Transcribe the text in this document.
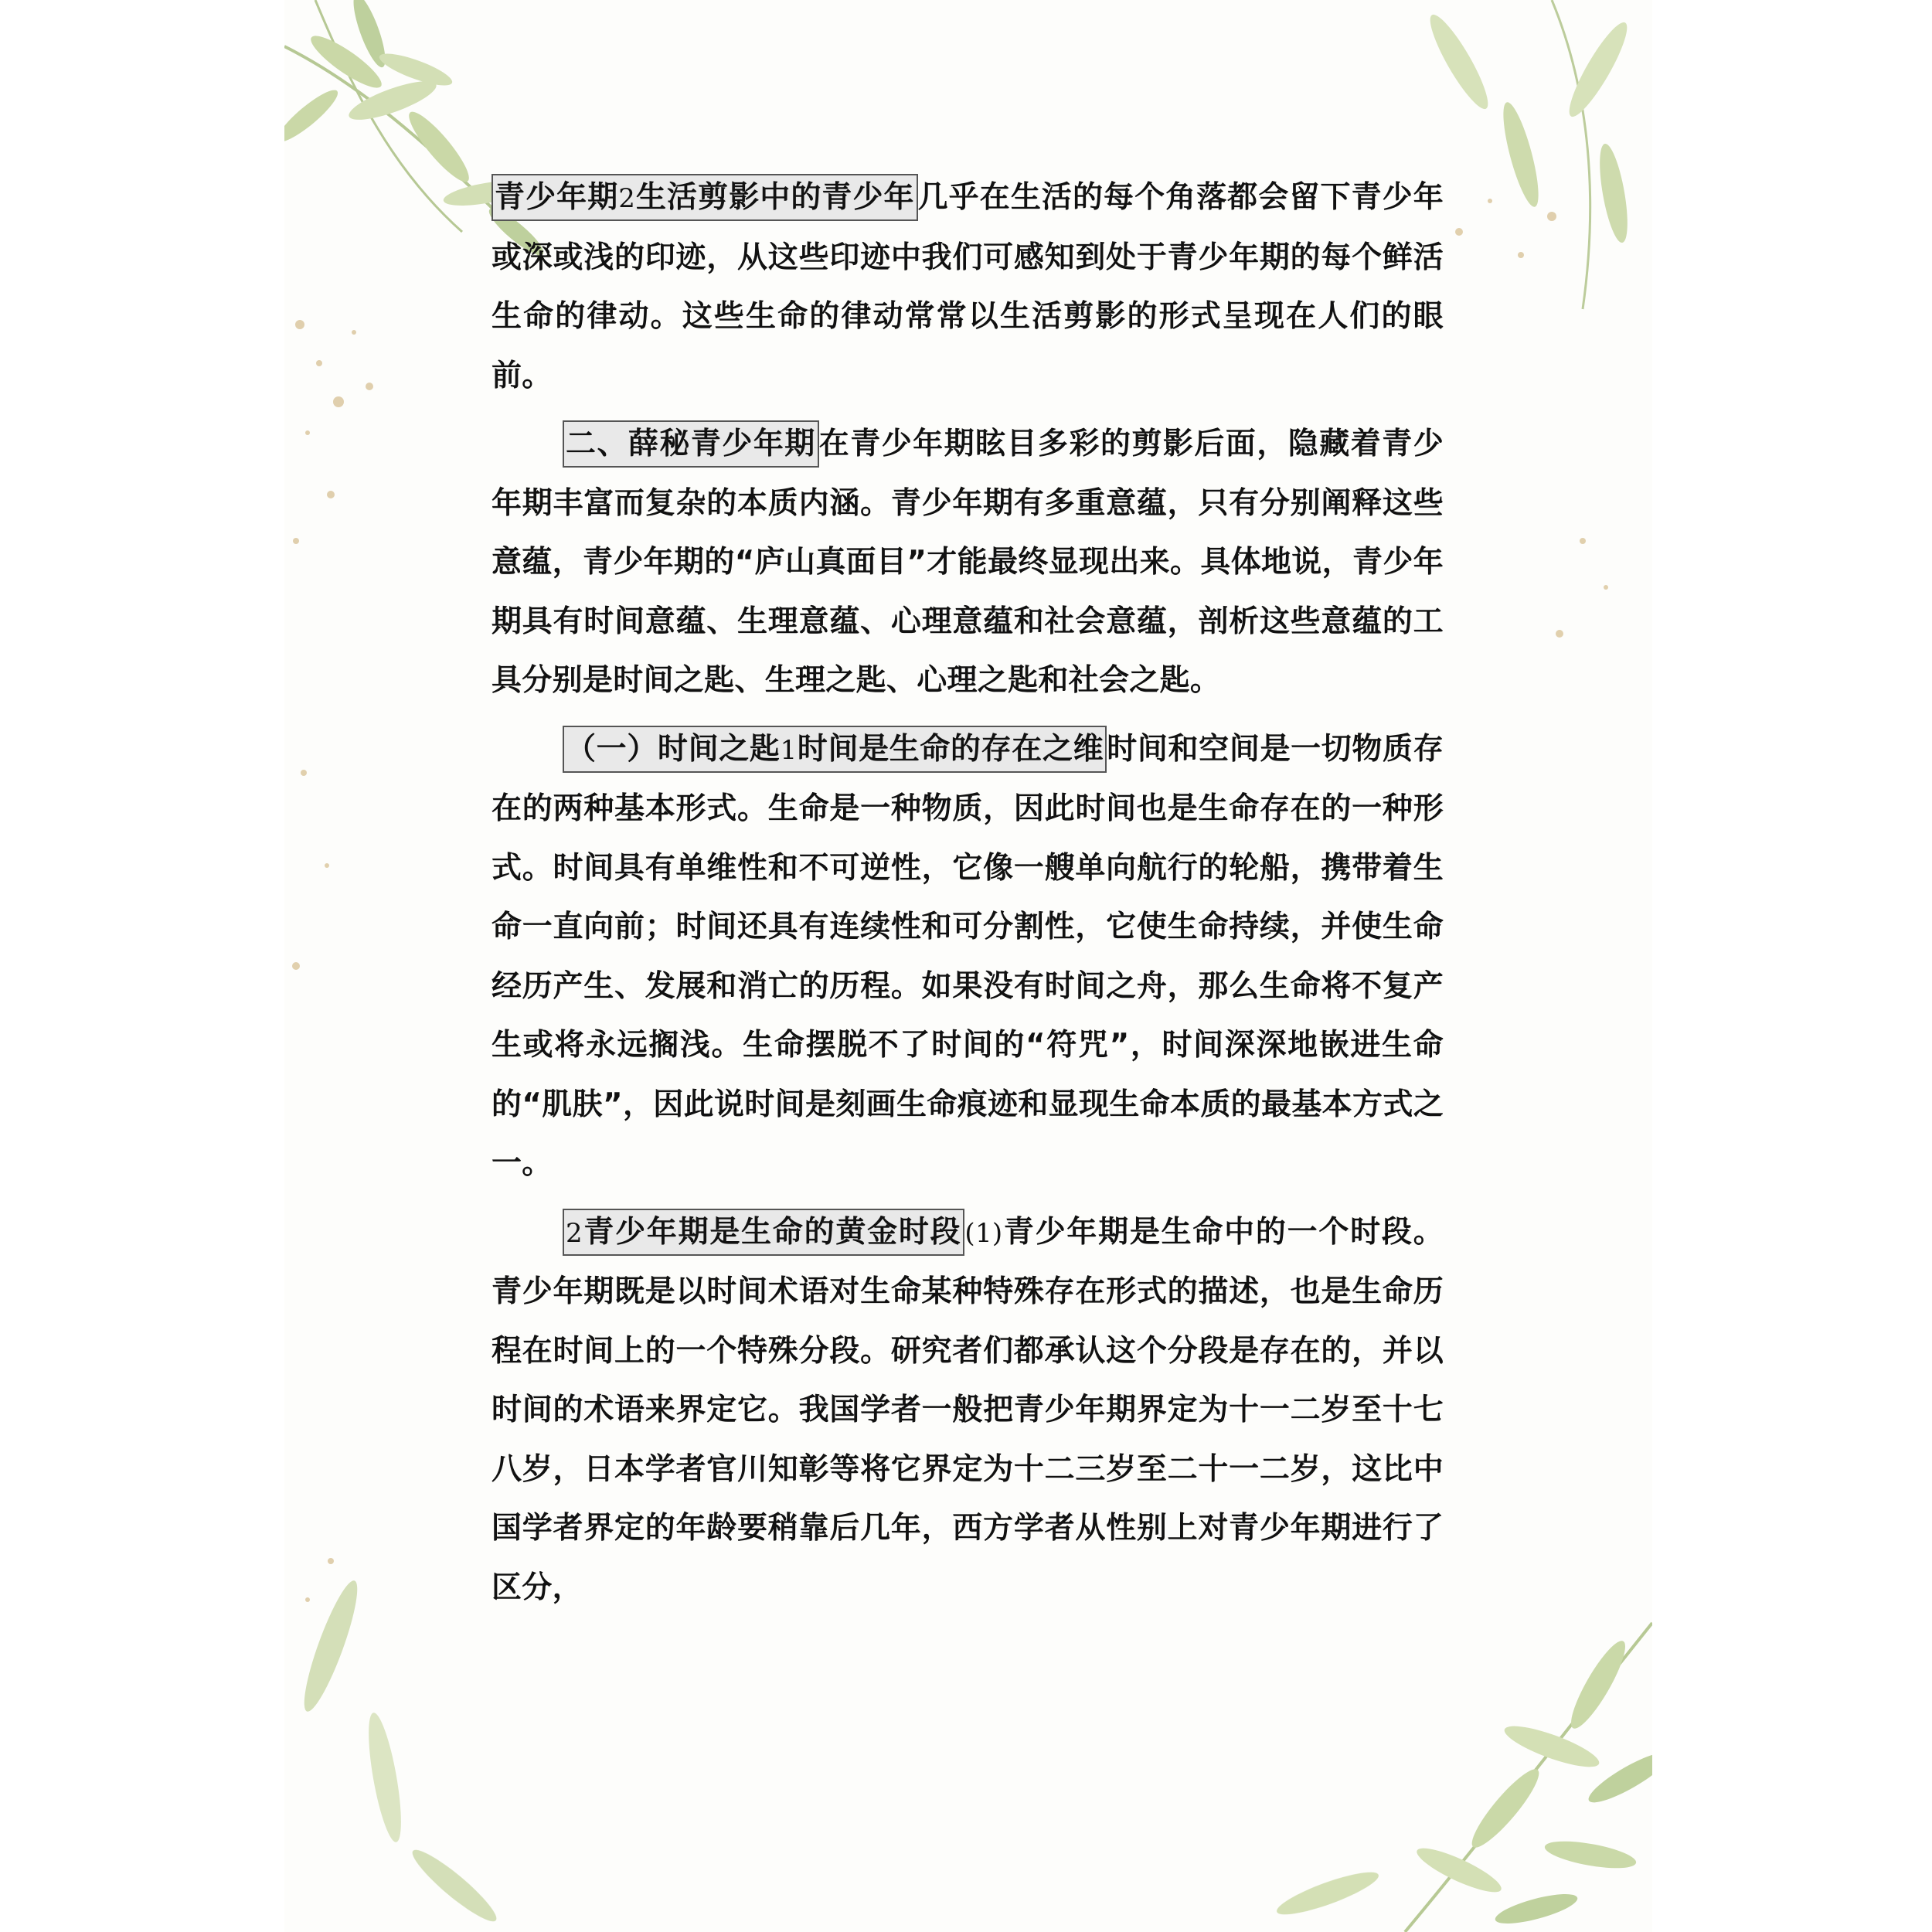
青少年期2生活剪影中的青少年 几乎在生活的每个角落都会留下青少年或深或浅的印迹，从这些印迹中我们可感知到处于青少年期的每个鲜活生命的律动。这些生命的律动常常以生活剪影的形式呈现在人们的眼前。

二、薛秘青少年期 在青少年期眩目多彩的剪影后面，隐藏着青少年期丰富而复杂的本质内涵。青少年期有多重意蕴，只有分别阐释这些意蕴，青少年期的“庐山真面目”才能最终显现出来。具体地说，青少年期具有时间意蕴、生理意蕴、心理意蕴和社会意蕴，剖析这些意蕴的工具分别是时间之匙、生理之匙、心理之匙和社会之匙。

（一）时间之匙1时间是生命的存在之维 时间和空间是一切物质存在的两种基本形式。生命是一种物质，因此时间也是生命存在的一种形式。时间具有单维性和不可逆性，它像一艘单向航行的轮船，携带着生命一直向前；时间还具有连续性和可分割性，它使生命持续，并使生命经历产生、发展和消亡的历程。如果没有时间之舟，那么生命将不复产生或将永远搁浅。生命摆脱不了时间的“符咒”，时间深深地嵌进生命的“肌肤”，因此说时间是刻画生命痕迹和显现生命本质的最基本方式之一。

2青少年期是生命的黄金时段 (1)青少年期是生命中的一个时段。青少年期既是以时间术语对生命某种特殊存在形式的描述，也是生命历程在时间上的一个特殊分段。研究者们都承认这个分段是存在的，并以时间的术语来界定它。我国学者一般把青少年期界定为十一二岁至十七八岁，日本学者官川知彰等将它界定为十二三岁至二十一二岁，这比中国学者界定的年龄要稍靠后几年，西方学者从性别上对青少年期进行了区分，
